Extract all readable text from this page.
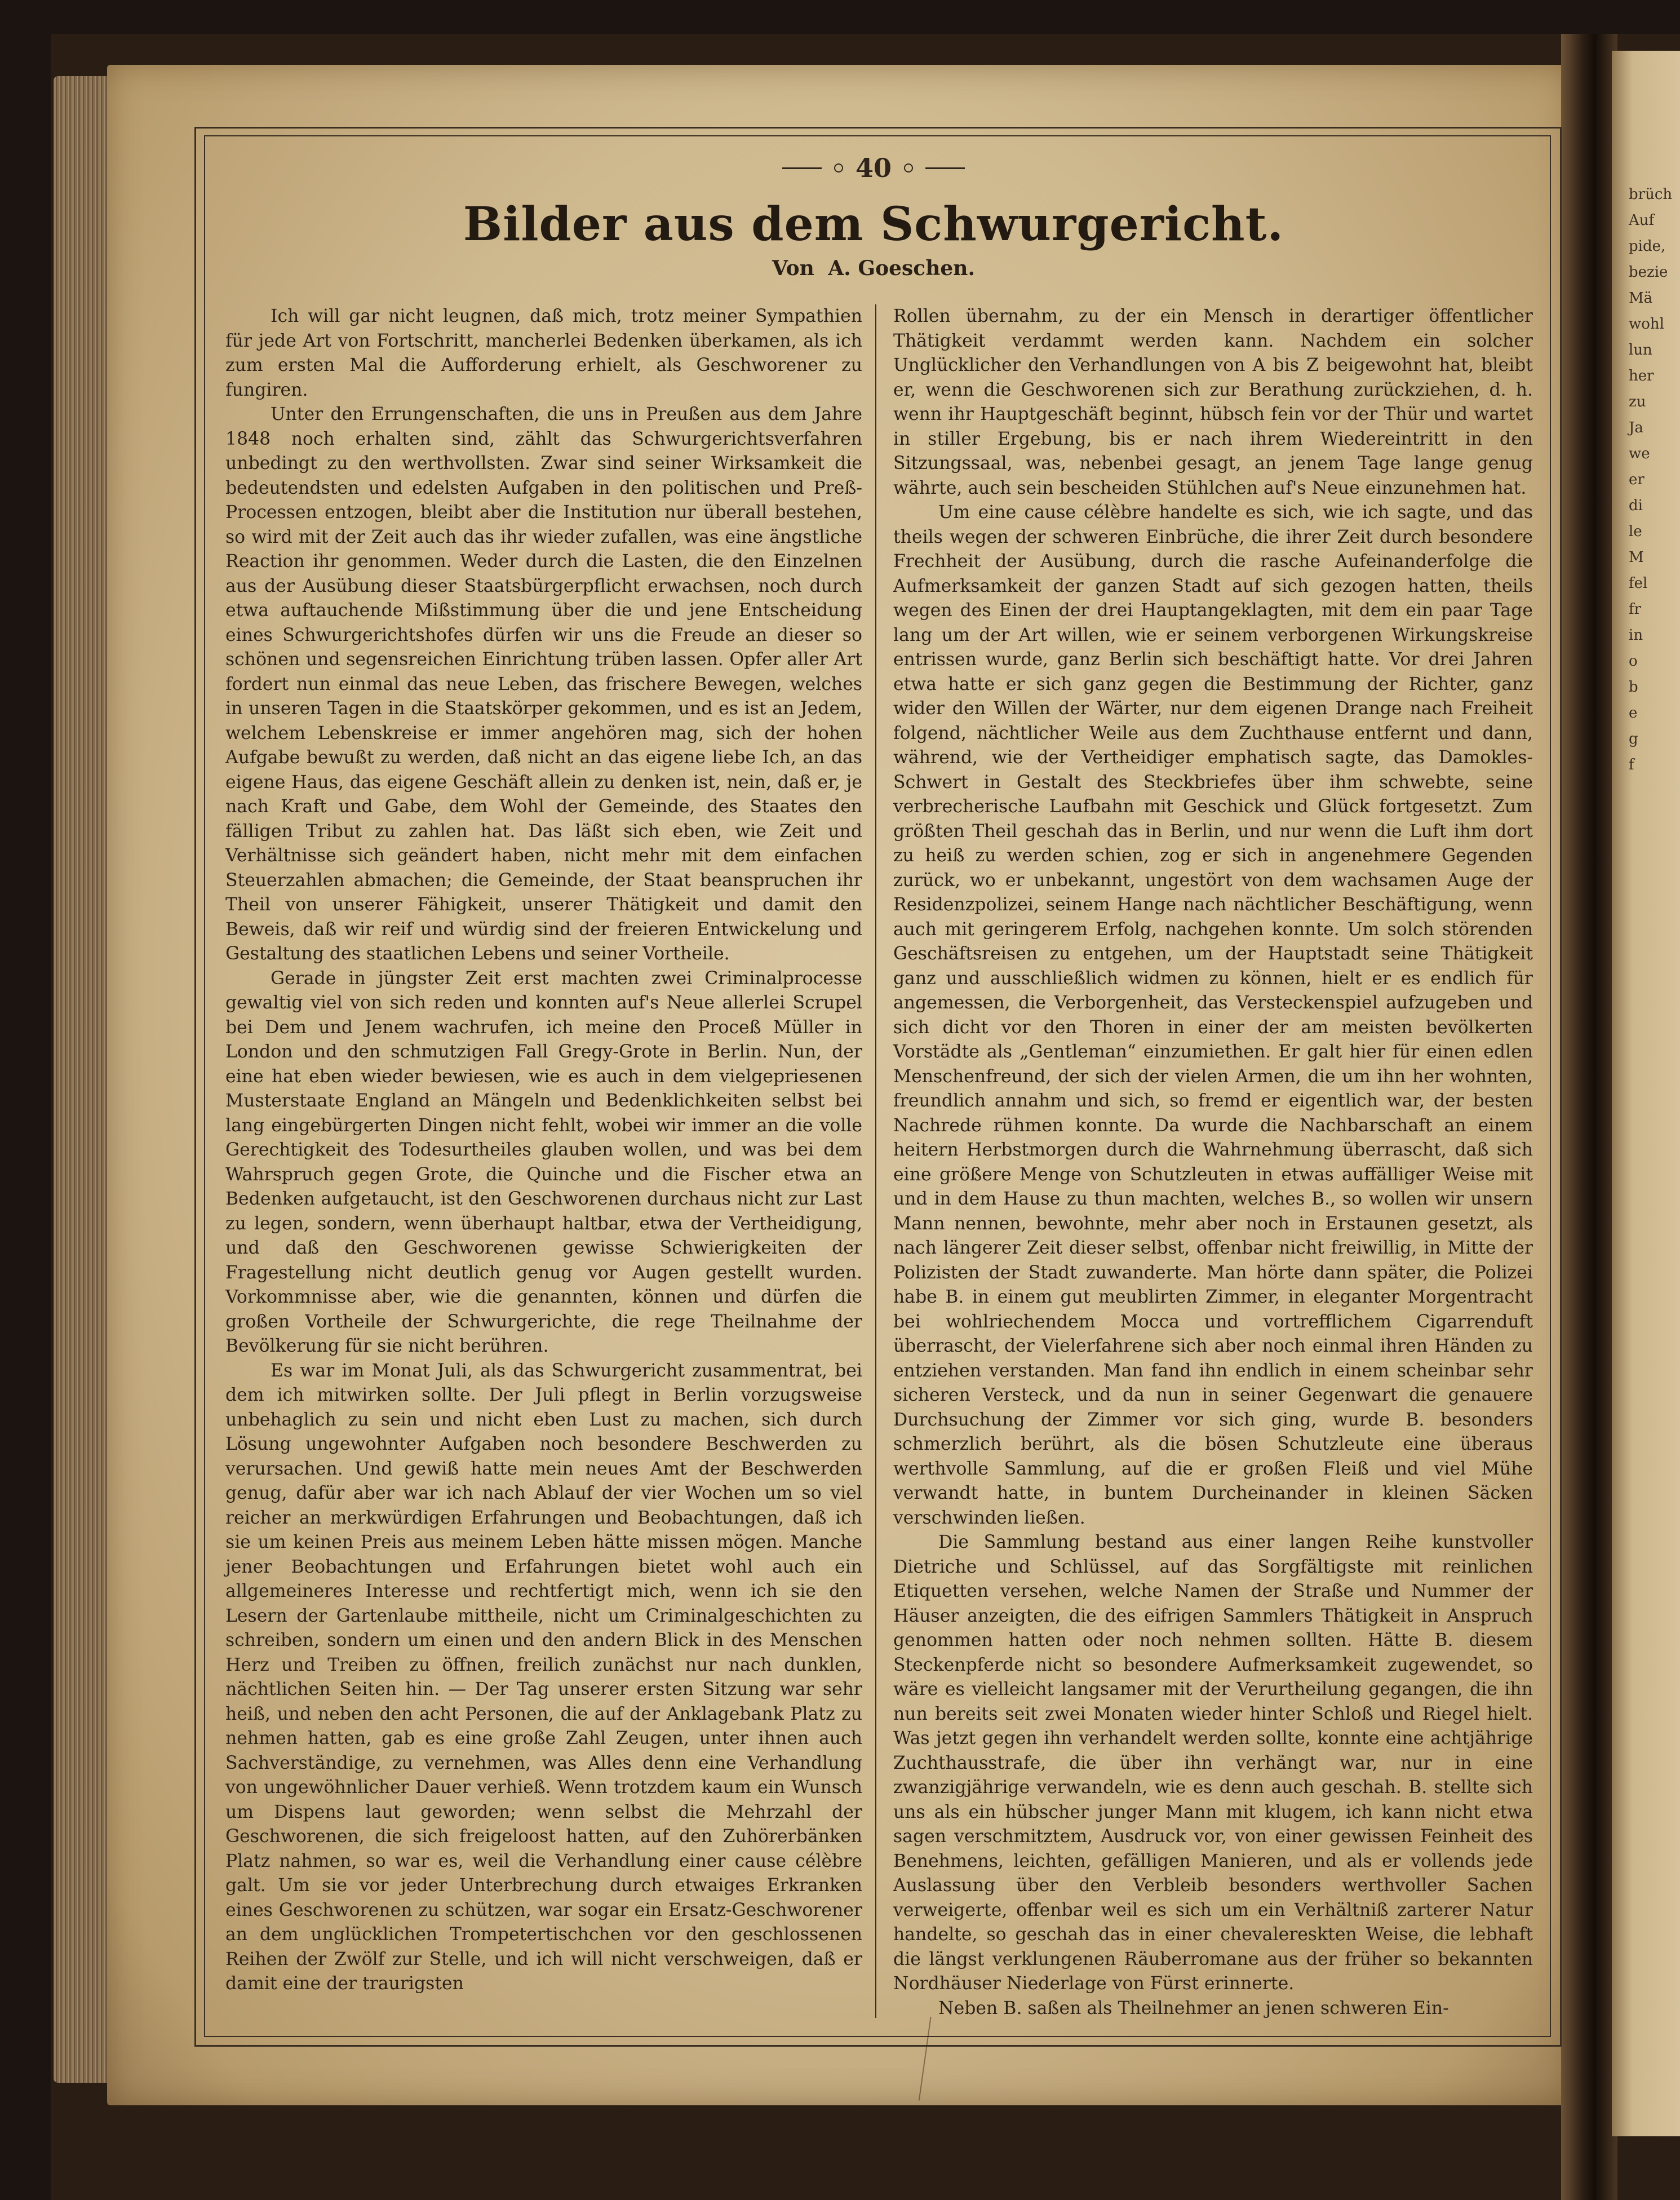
brüch
Auf
pide,
bezie
Mä
wohl
lun
her
zu
Ja
we
er
di
le
M
fel
fr
in
o
b
e
g
f
40
Bilder aus dem Schwurgericht.
Von A. Goeschen.

Ich will gar nicht leugnen, daß mich, trotz meiner Sympathien für jede Art von Fortschritt, mancherlei Bedenken überkamen, als ich zum ersten Mal die Aufforderung erhielt, als Geschworener zu fungiren.

Unter den Errungenschaften, die uns in Preußen aus dem Jahre 1848 noch erhalten sind, zählt das Schwurgerichtsverfahren unbedingt zu den werthvollsten. Zwar sind seiner Wirksamkeit die bedeutendsten und edelsten Aufgaben in den politischen und Preß-Processen entzogen, bleibt aber die Institution nur überall bestehen, so wird mit der Zeit auch das ihr wieder zufallen, was eine ängstliche Reaction ihr genommen. Weder durch die Lasten, die den Einzelnen aus der Ausübung dieser Staatsbürgerpflicht erwachsen, noch durch etwa auftauchende Mißstimmung über die und jene Entscheidung eines Schwurgerichtshofes dürfen wir uns die Freude an dieser so schönen und segensreichen Einrichtung trüben lassen. Opfer aller Art fordert nun einmal das neue Leben, das frischere Bewegen, welches in unseren Tagen in die Staatskörper gekommen, und es ist an Jedem, welchem Lebenskreise er immer angehören mag, sich der hohen Aufgabe bewußt zu werden, daß nicht an das eigene liebe Ich, an das eigene Haus, das eigene Geschäft allein zu denken ist, nein, daß er, je nach Kraft und Gabe, dem Wohl der Gemeinde, des Staates den fälligen Tribut zu zahlen hat. Das läßt sich eben, wie Zeit und Verhältnisse sich geändert haben, nicht mehr mit dem einfachen Steuerzahlen abmachen; die Gemeinde, der Staat beanspruchen ihr Theil von unserer Fähigkeit, unserer Thätigkeit und damit den Beweis, daß wir reif und würdig sind der freieren Entwickelung und Gestaltung des staatlichen Lebens und seiner Vortheile.

Gerade in jüngster Zeit erst machten zwei Criminalprocesse gewaltig viel von sich reden und konnten auf's Neue allerlei Scrupel bei Dem und Jenem wachrufen, ich meine den Proceß Müller in London und den schmutzigen Fall Gregy-Grote in Berlin. Nun, der eine hat eben wieder bewiesen, wie es auch in dem vielgepriesenen Musterstaate England an Mängeln und Bedenklichkeiten selbst bei lang eingebürgerten Dingen nicht fehlt, wobei wir immer an die volle Gerechtigkeit des Todesurtheiles glauben wollen, und was bei dem Wahrspruch gegen Grote, die Quinche und die Fischer etwa an Bedenken aufgetaucht, ist den Geschworenen durchaus nicht zur Last zu legen, sondern, wenn überhaupt haltbar, etwa der Vertheidigung, und daß den Geschworenen gewisse Schwierigkeiten der Fragestellung nicht deutlich genug vor Augen gestellt wurden. Vorkommnisse aber, wie die genannten, können und dürfen die großen Vortheile der Schwurgerichte, die rege Theilnahme der Bevölkerung für sie nicht berühren.

Es war im Monat Juli, als das Schwurgericht zusammentrat, bei dem ich mitwirken sollte. Der Juli pflegt in Berlin vorzugsweise unbehaglich zu sein und nicht eben Lust zu machen, sich durch Lösung ungewohnter Aufgaben noch besondere Beschwerden zu verursachen. Und gewiß hatte mein neues Amt der Beschwerden genug, dafür aber war ich nach Ablauf der vier Wochen um so viel reicher an merkwürdigen Erfahrungen und Beobachtungen, daß ich sie um keinen Preis aus meinem Leben hätte missen mögen. Manche jener Beobachtungen und Erfahrungen bietet wohl auch ein allgemeineres Interesse und rechtfertigt mich, wenn ich sie den Lesern der Gartenlaube mittheile, nicht um Criminalgeschichten zu schreiben, sondern um einen und den andern Blick in des Menschen Herz und Treiben zu öffnen, freilich zunächst nur nach dunklen, nächtlichen Seiten hin. — Der Tag unserer ersten Sitzung war sehr heiß, und neben den acht Personen, die auf der Anklagebank Platz zu nehmen hatten, gab es eine große Zahl Zeugen, unter ihnen auch Sachverständige, zu vernehmen, was Alles denn eine Verhandlung von ungewöhnlicher Dauer verhieß. Wenn trotzdem kaum ein Wunsch um Dispens laut geworden; wenn selbst die Mehrzahl der Geschworenen, die sich freigeloost hatten, auf den Zuhörerbänken Platz nahmen, so war es, weil die Verhandlung einer cause célèbre galt. Um sie vor jeder Unterbrechung durch etwaiges Erkranken eines Geschworenen zu schützen, war sogar ein Ersatz-Geschworener an dem unglücklichen Trompetertischchen vor den geschlossenen Reihen der Zwölf zur Stelle, und ich will nicht verschweigen, daß er damit eine der traurigsten

Rollen übernahm, zu der ein Mensch in derartiger öffentlicher Thätigkeit verdammt werden kann. Nachdem ein solcher Unglücklicher den Verhandlungen von A bis Z beigewohnt hat, bleibt er, wenn die Geschworenen sich zur Berathung zurückziehen, d. h. wenn ihr Hauptgeschäft beginnt, hübsch fein vor der Thür und wartet in stiller Ergebung, bis er nach ihrem Wiedereintritt in den Sitzungssaal, was, nebenbei gesagt, an jenem Tage lange genug währte, auch sein bescheiden Stühlchen auf's Neue einzunehmen hat.

Um eine cause célèbre handelte es sich, wie ich sagte, und das theils wegen der schweren Einbrüche, die ihrer Zeit durch besondere Frechheit der Ausübung, durch die rasche Aufeinanderfolge die Aufmerksamkeit der ganzen Stadt auf sich gezogen hatten, theils wegen des Einen der drei Hauptangeklagten, mit dem ein paar Tage lang um der Art willen, wie er seinem verborgenen Wirkungskreise entrissen wurde, ganz Berlin sich beschäftigt hatte. Vor drei Jahren etwa hatte er sich ganz gegen die Bestimmung der Richter, ganz wider den Willen der Wärter, nur dem eigenen Drange nach Freiheit folgend, nächtlicher Weile aus dem Zuchthause entfernt und dann, während, wie der Vertheidiger emphatisch sagte, das Damokles-Schwert in Gestalt des Steckbriefes über ihm schwebte, seine verbrecherische Laufbahn mit Geschick und Glück fortgesetzt. Zum größten Theil geschah das in Berlin, und nur wenn die Luft ihm dort zu heiß zu werden schien, zog er sich in angenehmere Gegenden zurück, wo er unbekannt, ungestört von dem wachsamen Auge der Residenzpolizei, seinem Hange nach nächtlicher Beschäftigung, wenn auch mit geringerem Erfolg, nachgehen konnte. Um solch störenden Geschäftsreisen zu entgehen, um der Hauptstadt seine Thätigkeit ganz und ausschließlich widmen zu können, hielt er es endlich für angemessen, die Verborgenheit, das Versteckenspiel aufzugeben und sich dicht vor den Thoren in einer der am meisten bevölkerten Vorstädte als „Gentleman“ einzumiethen. Er galt hier für einen edlen Menschenfreund, der sich der vielen Armen, die um ihn her wohnten, freundlich annahm und sich, so fremd er eigentlich war, der besten Nachrede rühmen konnte. Da wurde die Nachbarschaft an einem heitern Herbstmorgen durch die Wahrnehmung überrascht, daß sich eine größere Menge von Schutzleuten in etwas auffälliger Weise mit und in dem Hause zu thun machten, welches B., so wollen wir unsern Mann nennen, bewohnte, mehr aber noch in Erstaunen gesetzt, als nach längerer Zeit dieser selbst, offenbar nicht freiwillig, in Mitte der Polizisten der Stadt zuwanderte. Man hörte dann später, die Polizei habe B. in einem gut meublirten Zimmer, in eleganter Morgentracht bei wohlriechendem Mocca und vortrefflichem Cigarrenduft überrascht, der Vielerfahrene sich aber noch einmal ihren Händen zu entziehen verstanden. Man fand ihn endlich in einem scheinbar sehr sicheren Versteck, und da nun in seiner Gegenwart die genauere Durchsuchung der Zimmer vor sich ging, wurde B. besonders schmerzlich berührt, als die bösen Schutzleute eine überaus werthvolle Sammlung, auf die er großen Fleiß und viel Mühe verwandt hatte, in buntem Durcheinander in kleinen Säcken verschwinden ließen.

Die Sammlung bestand aus einer langen Reihe kunstvoller Dietriche und Schlüssel, auf das Sorgfältigste mit reinlichen Etiquetten versehen, welche Namen der Straße und Nummer der Häuser anzeigten, die des eifrigen Sammlers Thätigkeit in Anspruch genommen hatten oder noch nehmen sollten. Hätte B. diesem Steckenpferde nicht so besondere Aufmerksamkeit zugewendet, so wäre es vielleicht langsamer mit der Verurtheilung gegangen, die ihn nun bereits seit zwei Monaten wieder hinter Schloß und Riegel hielt. Was jetzt gegen ihn verhandelt werden sollte, konnte eine achtjährige Zuchthausstrafe, die über ihn verhängt war, nur in eine zwanzigjährige verwandeln, wie es denn auch geschah. B. stellte sich uns als ein hübscher junger Mann mit klugem, ich kann nicht etwa sagen verschmitztem, Ausdruck vor, von einer gewissen Feinheit des Benehmens, leichten, gefälligen Manieren, und als er vollends jede Auslassung über den Verbleib besonders werthvoller Sachen verweigerte, offenbar weil es sich um ein Verhältniß zarterer Natur handelte, so geschah das in einer chevalereskten Weise, die lebhaft die längst verklungenen Räuberromane aus der früher so bekannten Nordhäuser Niederlage von Fürst erinnerte.

Neben B. saßen als Theilnehmer an jenen schweren Ein-
